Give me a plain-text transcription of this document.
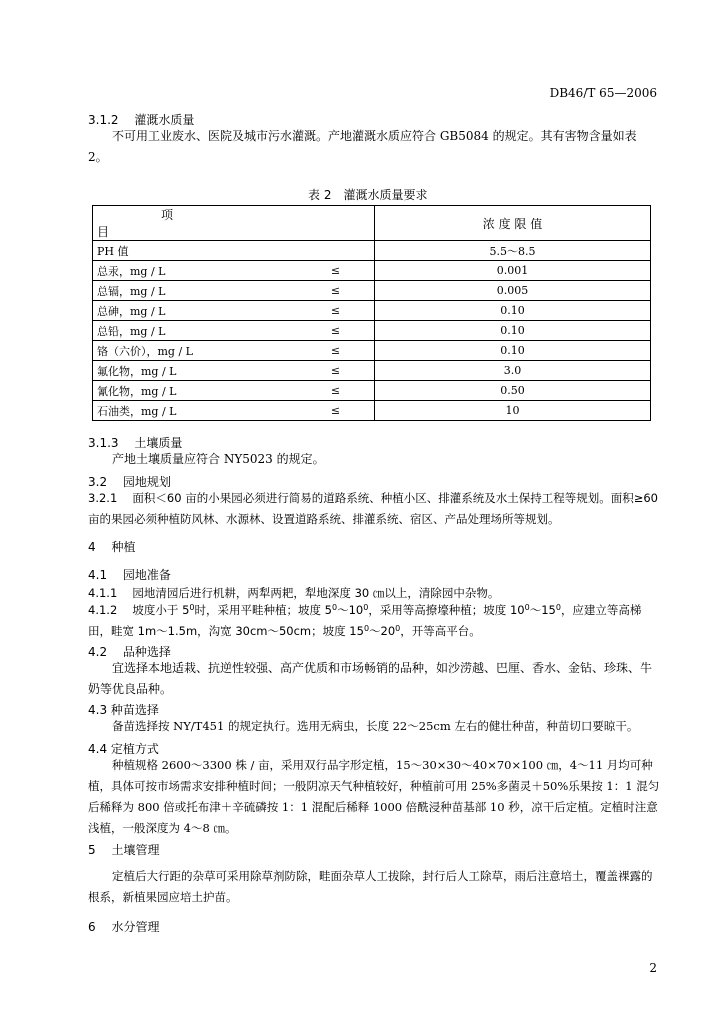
DB46/T 65—2006
3.1.2　 灌溉水质量
不可用工业废水、医院及城市污水灌溉。产地灌溉水质应符合 GB5084 的规定。其有害物含量如表 2。
表 2　灌溉水质量要求
项目		浓 度 限 值
PH 值		5.5～8.5
总汞，mg / L	≤	0.001
总镉，mg / L	≤	0.005
总砷，mg / L	≤	0.10
总铅，mg / L	≤	0.10
铬（六价），mg / L	≤	0.10
氟化物，mg / L	≤	3.0
氰化物，mg / L	≤	0.50
石油类，mg / L	≤	10
3.1.3　 土壤质量
产地土壤质量应符合 NY5023 的规定。
3.2　 园地规划
3.2.1　 面积＜60 亩的小果园必须进行简易的道路系统、种植小区、排灌系统及水土保持工程等规划。面积≥60 亩的果园必须种植防风林、水源林、设置道路系统、排灌系统、宿区、产品处理场所等规划。
4　 种植
4.1　 园地准备
4.1.1　 园地清园后进行机耕，两犁两耙，犁地深度 30 ㎝以上，清除园中杂物。
4.1.2　 坡度小于 $5^0$时，采用平畦种植；坡度 $5^0\sim 10^0$，采用等高撩壕种植；坡度 $10^0\sim 15^0$，应建立等高梯田，畦宽 1m～1.5m，沟宽 30cm～50cm；坡度 $15^0\sim 20^0$，开等高平台。
4.2　 品种选择
宜选择本地适栽、抗逆性较强、高产优质和市场畅销的品种，如沙涝越、巴厘、香水、金钻、珍珠、牛奶等优良品种。
4.3 种苗选择
备苗选择按 NY/T451 的规定执行。选用无病虫，长度 22～25cm 左右的健壮种苗，种苗切口要晾干。
4.4 定植方式
种植规格 2600～3300 株 / 亩，采用双行品字形定植，15～30×30～40×70×100 ㎝，4～11 月均可种植，具体可按市场需求安排种植时间；一般阴凉天气种植较好，种植前可用 25%多菌灵＋50%乐果按 1：1 混匀后稀释为 800 倍或托布津＋辛硫磷按 1：1 混配后稀释 1000 倍酰浸种苗基部 10 秒，凉干后定植。定植时注意浅植，一般深度为 4～8 ㎝。
5　 土壤管理
定植后大行距的杂草可采用除草剂防除，畦面杂草人工拔除，封行后人工除草，雨后注意培土，覆盖裸露的根系，新植果园应培土护苗。
6　 水分管理
2
